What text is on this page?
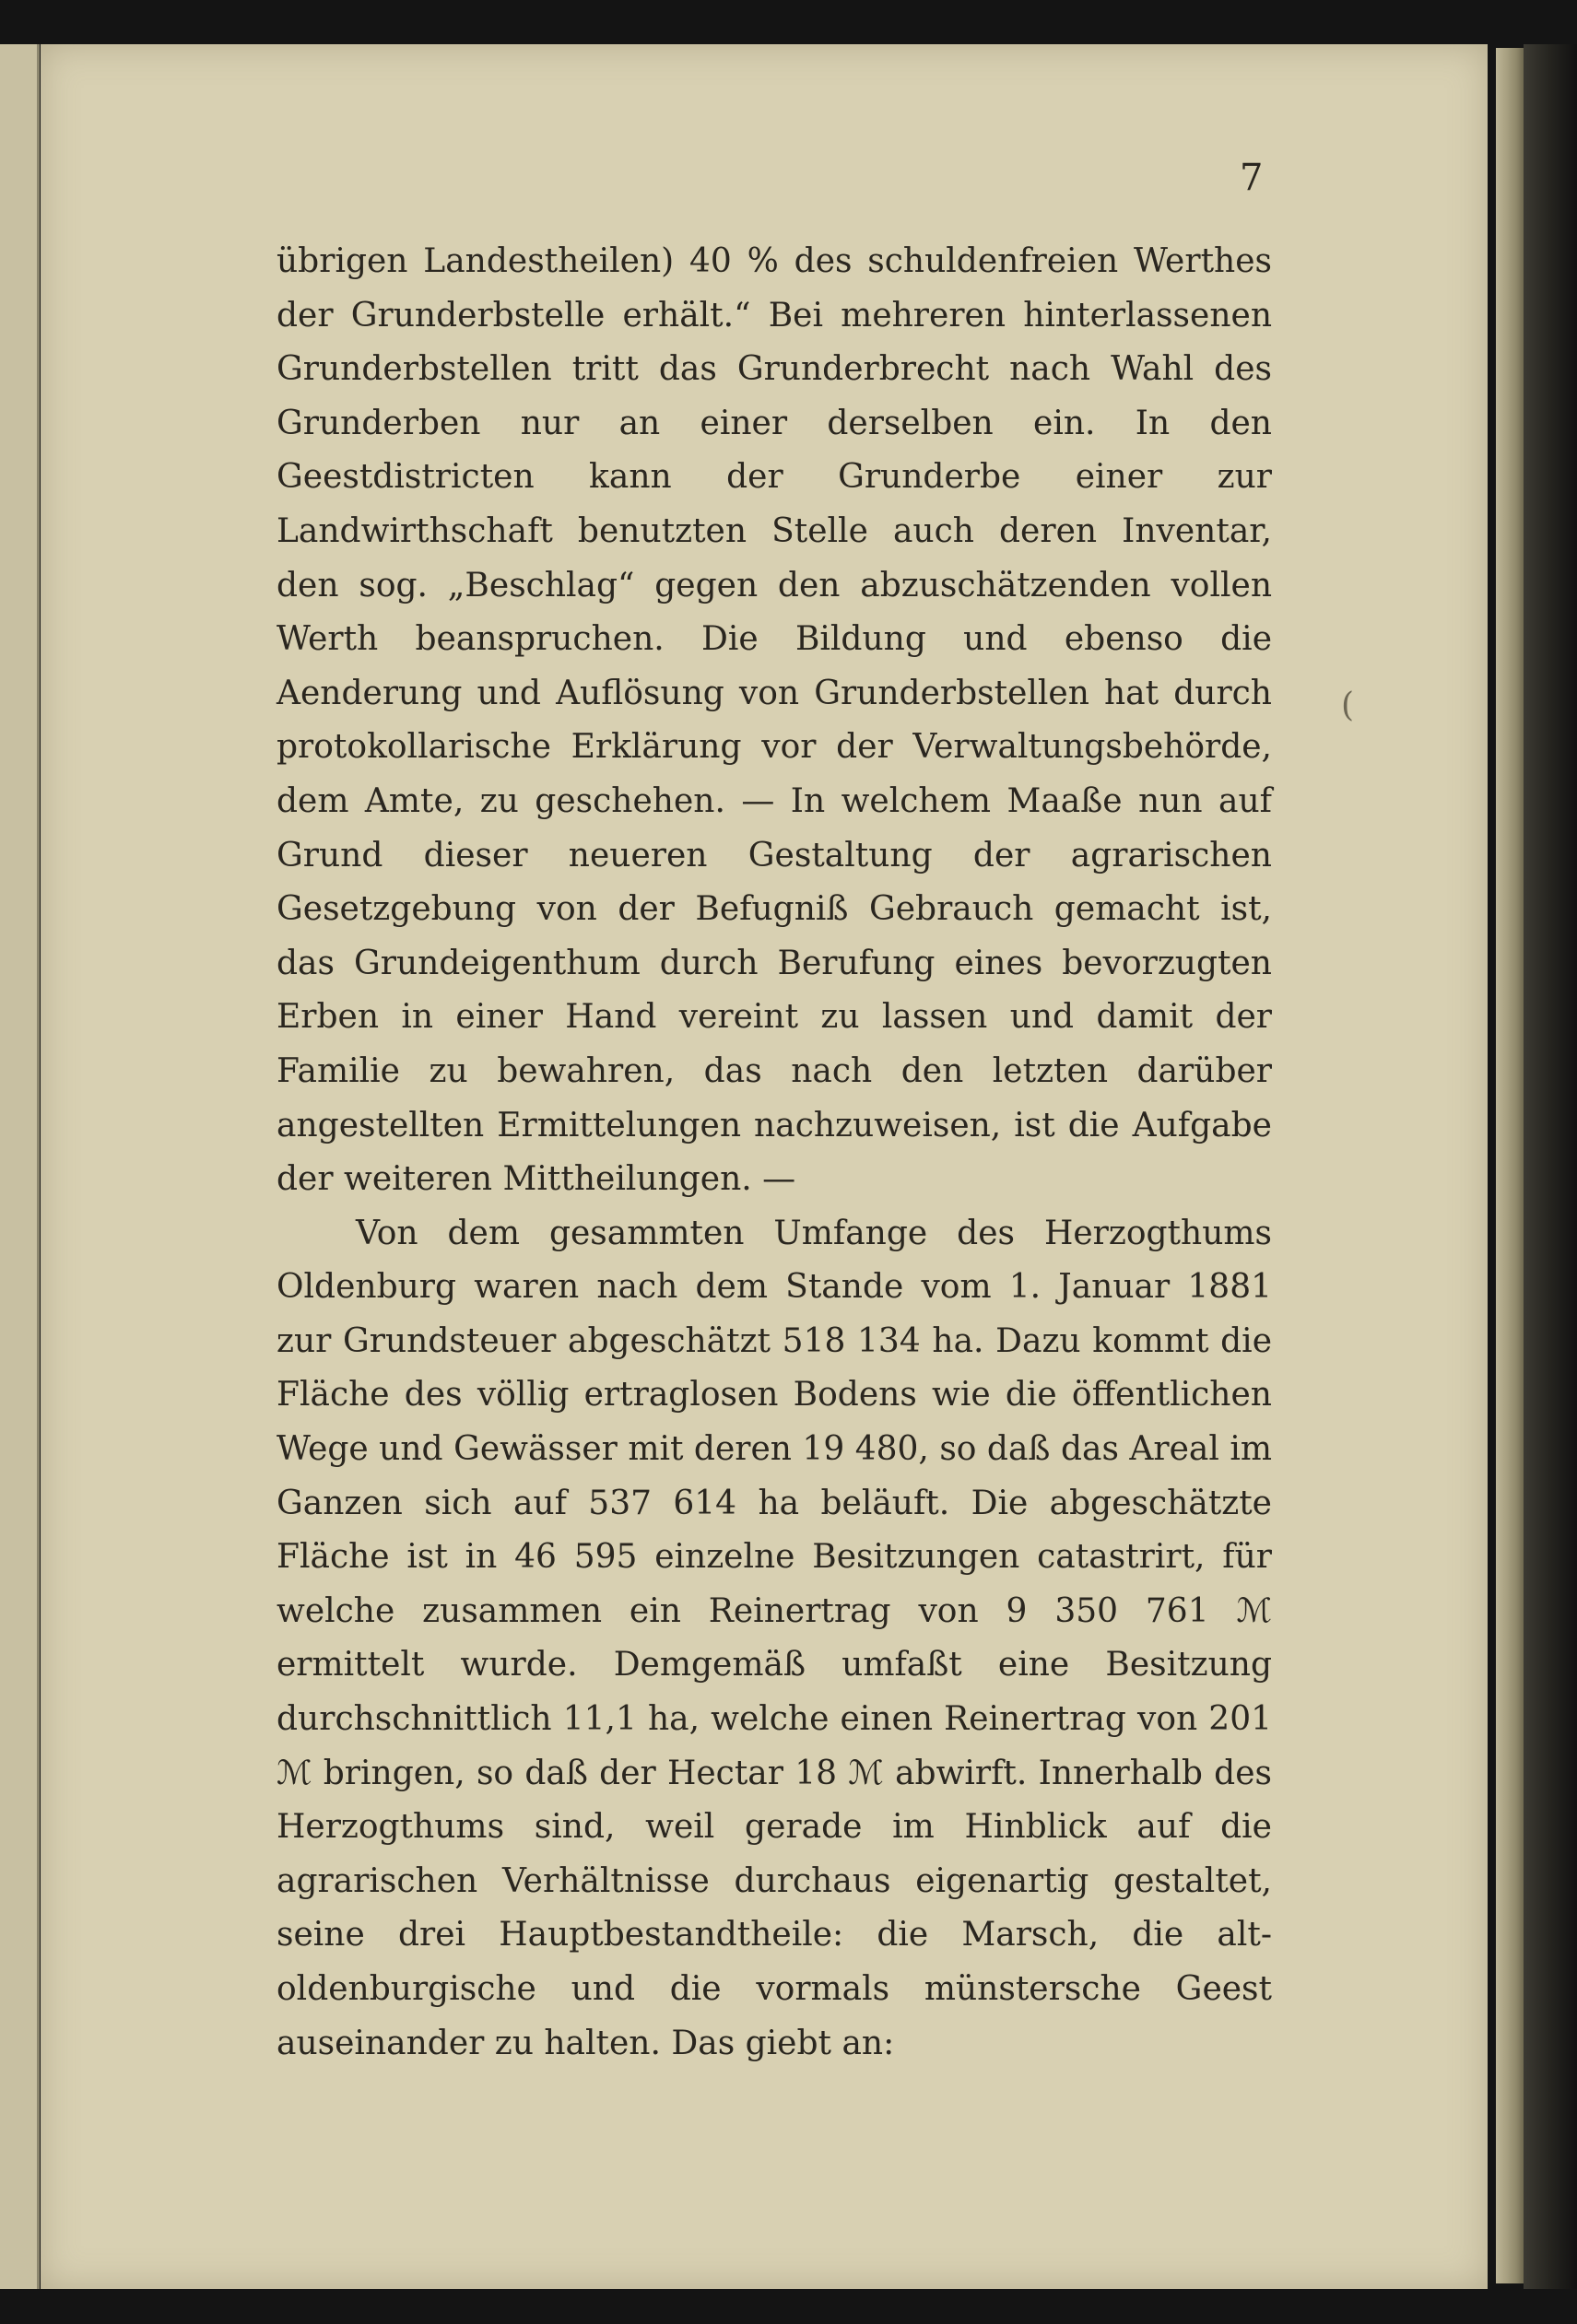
7

übrigen Landestheilen) 40 % des schuldenfreien Werthes der Grunderbstelle erhält.“ Bei mehreren hinterlassenen Grunderbstellen tritt das Grunderbrecht nach Wahl des Grunderben nur an einer derselben ein. In den Geestdistricten kann der Grunderbe einer zur Landwirthschaft benutzten Stelle auch deren Inventar, den sog. „Beschlag“ gegen den abzuschätzenden vollen Werth beanspruchen. Die Bildung und ebenso die Aenderung und Auflösung von Grunderbstellen hat durch protokollarische Erklärung vor der Verwaltungsbehörde, dem Amte, zu geschehen. — In welchem Maaße nun auf Grund dieser neueren Gestaltung der agrarischen Gesetzgebung von der Befugniß Gebrauch gemacht ist, das Grundeigenthum durch Berufung eines bevorzugten Erben in einer Hand vereint zu lassen und damit der Familie zu bewahren, das nach den letzten darüber angestellten Ermittelungen nachzuweisen, ist die Aufgabe der weiteren Mittheilungen. —

Von dem gesammten Umfange des Herzogthums Oldenburg waren nach dem Stande vom 1. Januar 1881 zur Grundsteuer abgeschätzt 518 134 ha. Dazu kommt die Fläche des völlig ertraglosen Bodens wie die öffentlichen Wege und Gewässer mit deren 19 480, so daß das Areal im Ganzen sich auf 537 614 ha beläuft. Die abgeschätzte Fläche ist in 46 595 einzelne Besitzungen catastrirt, für welche zusammen ein Reinertrag von 9 350 761 ℳ ermittelt wurde. Demgemäß umfaßt eine Besitzung durchschnittlich 11,1 ha, welche einen Reinertrag von 201 ℳ bringen, so daß der Hectar 18 ℳ abwirft. Innerhalb des Herzogthums sind, weil gerade im Hinblick auf die agrarischen Verhältnisse durchaus eigenartig gestaltet, seine drei Hauptbestandtheile: die Marsch, die alt-oldenburgische und die vormals münstersche Geest auseinander zu halten. Das giebt an:

(
